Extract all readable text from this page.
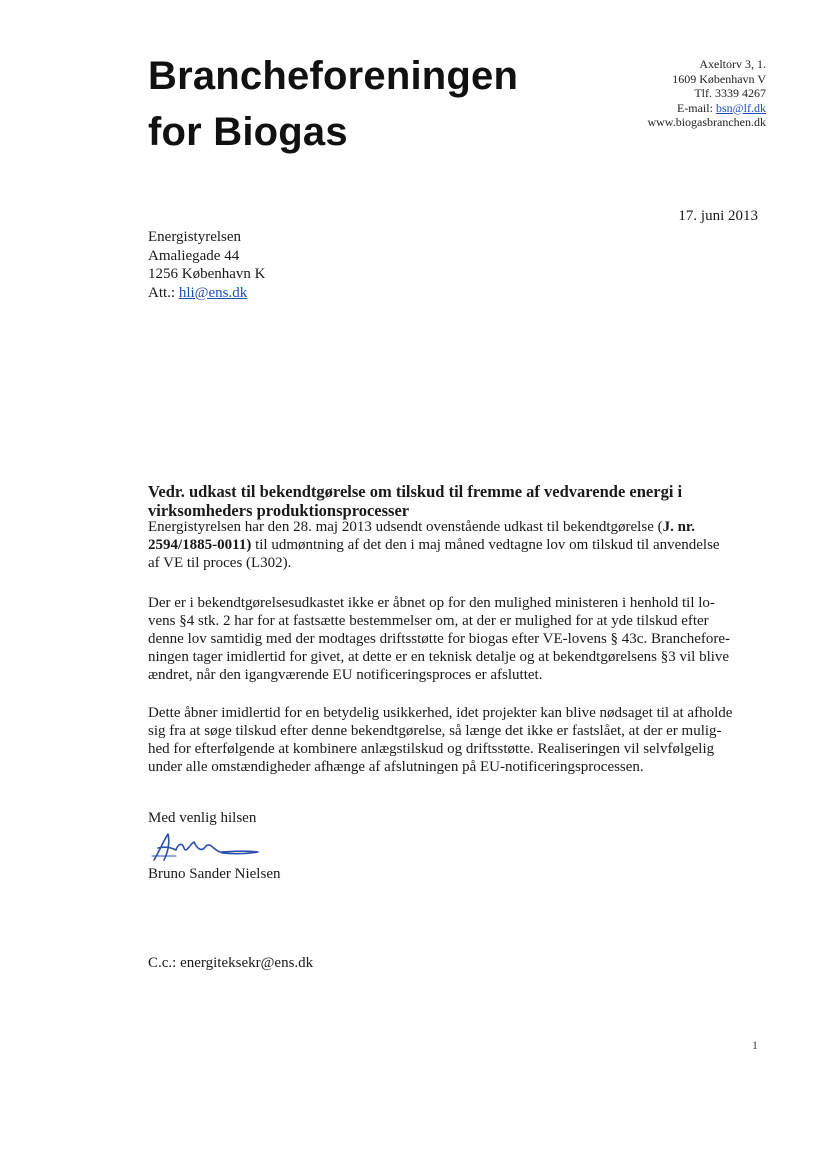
Brancheforeningen
for Biogas
Axeltorv 3, 1.
1609 København V
Tlf. 3339 4267
E-mail: bsn@lf.dk
www.biogasbranchen.dk
17. juni 2013
Energistyrelsen
Amaliegade 44
1256 København K
Att.: hli@ens.dk
Vedr. udkast til bekendtgørelse om tilskud til fremme af vedvarende energi i
virksomheders produktionsprocesser
Energistyrelsen har den 28. maj 2013 udsendt ovenstående udkast til bekendtgørelse (J. nr.
2594/1885-0011) til udmøntning af det den i maj måned vedtagne lov om tilskud til anvendelse
af VE til proces (L302).
Der er i bekendtgørelsesudkastet ikke er åbnet op for den mulighed ministeren i henhold til lo-
vens §4 stk. 2 har for at fastsætte bestemmelser om, at der er mulighed for at yde tilskud efter
denne lov samtidig med der modtages driftsstøtte for biogas efter VE-lovens § 43c. Branchefore-
ningen tager imidlertid for givet, at dette er en teknisk detalje og at bekendtgørelsens §3 vil blive
ændret, når den igangværende EU notificeringsproces er afsluttet.
Dette åbner imidlertid for en betydelig usikkerhed, idet projekter kan blive nødsaget til at afholde
sig fra at søge tilskud efter denne bekendtgørelse, så længe det ikke er fastslået, at der er mulig-
hed for efterfølgende at kombinere anlægstilskud og driftsstøtte. Realiseringen vil selvfølgelig
under alle omstændigheder afhænge af afslutningen på EU-notificeringsprocessen.
Med venlig hilsen
Bruno Sander Nielsen
C.c.: energiteksekr@ens.dk
1
